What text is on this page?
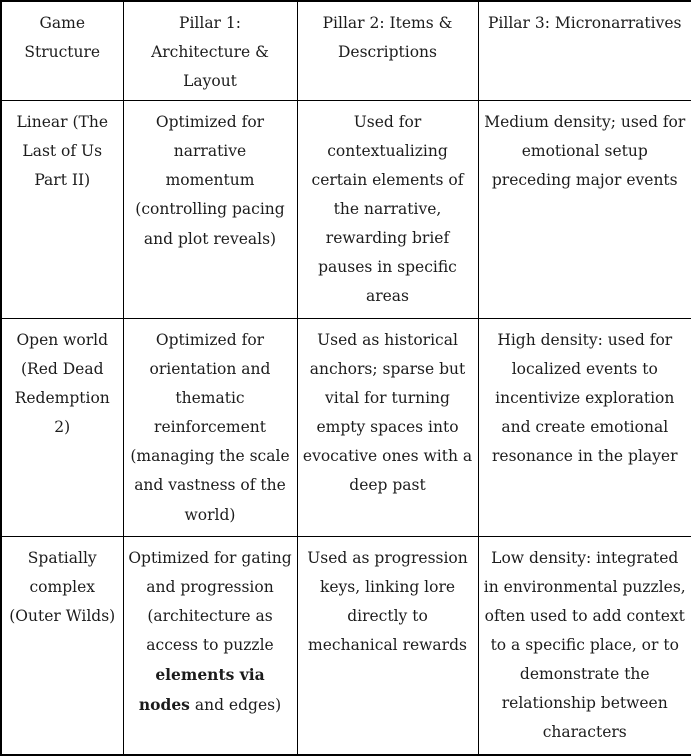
Game Structure	Pillar 1: Architecture & Layout	Pillar 2: Items & Descriptions	Pillar 3: Micronarratives
Linear (The Last of Us Part II)	Optimized for narrative momentum (controlling pacing and plot reveals)	Used for contextualizing certain elements of the narrative, rewarding brief pauses in specific areas	Medium density; used for emotional setup preceding major events
Open world (Red Dead Redemption 2)	Optimized for orientation and thematic reinforcement (managing the scale and vastness of the world)	Used as historical anchors; sparse but vital for turning empty spaces into evocative ones with a deep past	High density: used for localized events to incentivize exploration and create emotional resonance in the player
Spatially complex (Outer Wilds)	Optimized for gating and progression (architecture as access to puzzle elements via nodes and edges)	Used as progression keys, linking lore directly to mechanical rewards	Low density: integrated in environmental puzzles, often used to add context to a specific place, or to demonstrate the relationship between characters
